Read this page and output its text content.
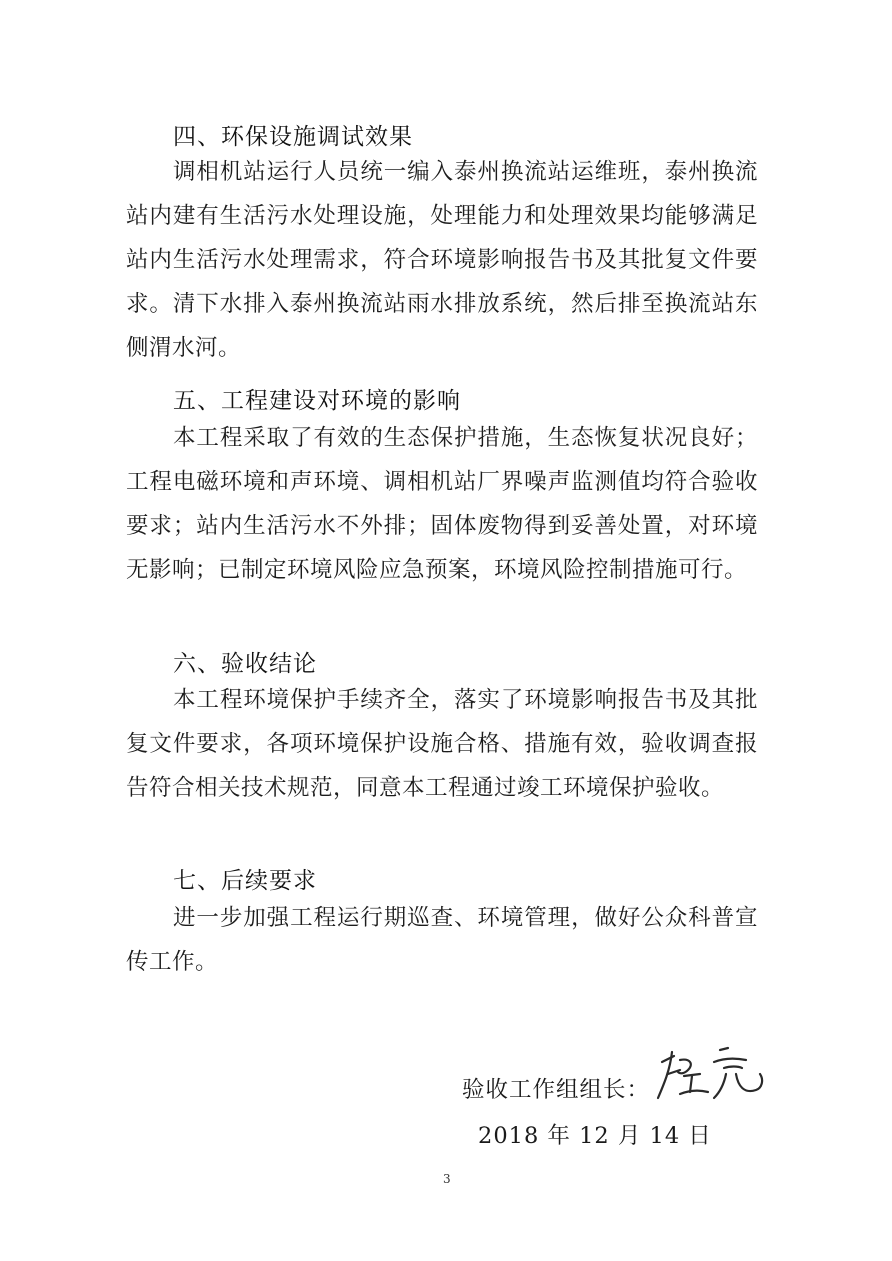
四、环保设施调试效果

调相机站运行人员统一编入泰州换流站运维班，泰州换流站内建有生活污水处理设施，处理能力和处理效果均能够满足站内生活污水处理需求，符合环境影响报告书及其批复文件要求。清下水排入泰州换流站雨水排放系统，然后排至换流站东侧渭水河。

五、工程建设对环境的影响

本工程采取了有效的生态保护措施，生态恢复状况良好；工程电磁环境和声环境、调相机站厂界噪声监测值均符合验收要求；站内生活污水不外排；固体废物得到妥善处置，对环境无影响；已制定环境风险应急预案，环境风险控制措施可行。

六、验收结论

本工程环境保护手续齐全，落实了环境影响报告书及其批复文件要求，各项环境保护设施合格、措施有效，验收调查报告符合相关技术规范，同意本工程通过竣工环境保护验收。

七、后续要求

进一步加强工程运行期巡查、环境管理，做好公众科普宣传工作。

验收工作组组长：
2018 年 12 月 14 日
3
